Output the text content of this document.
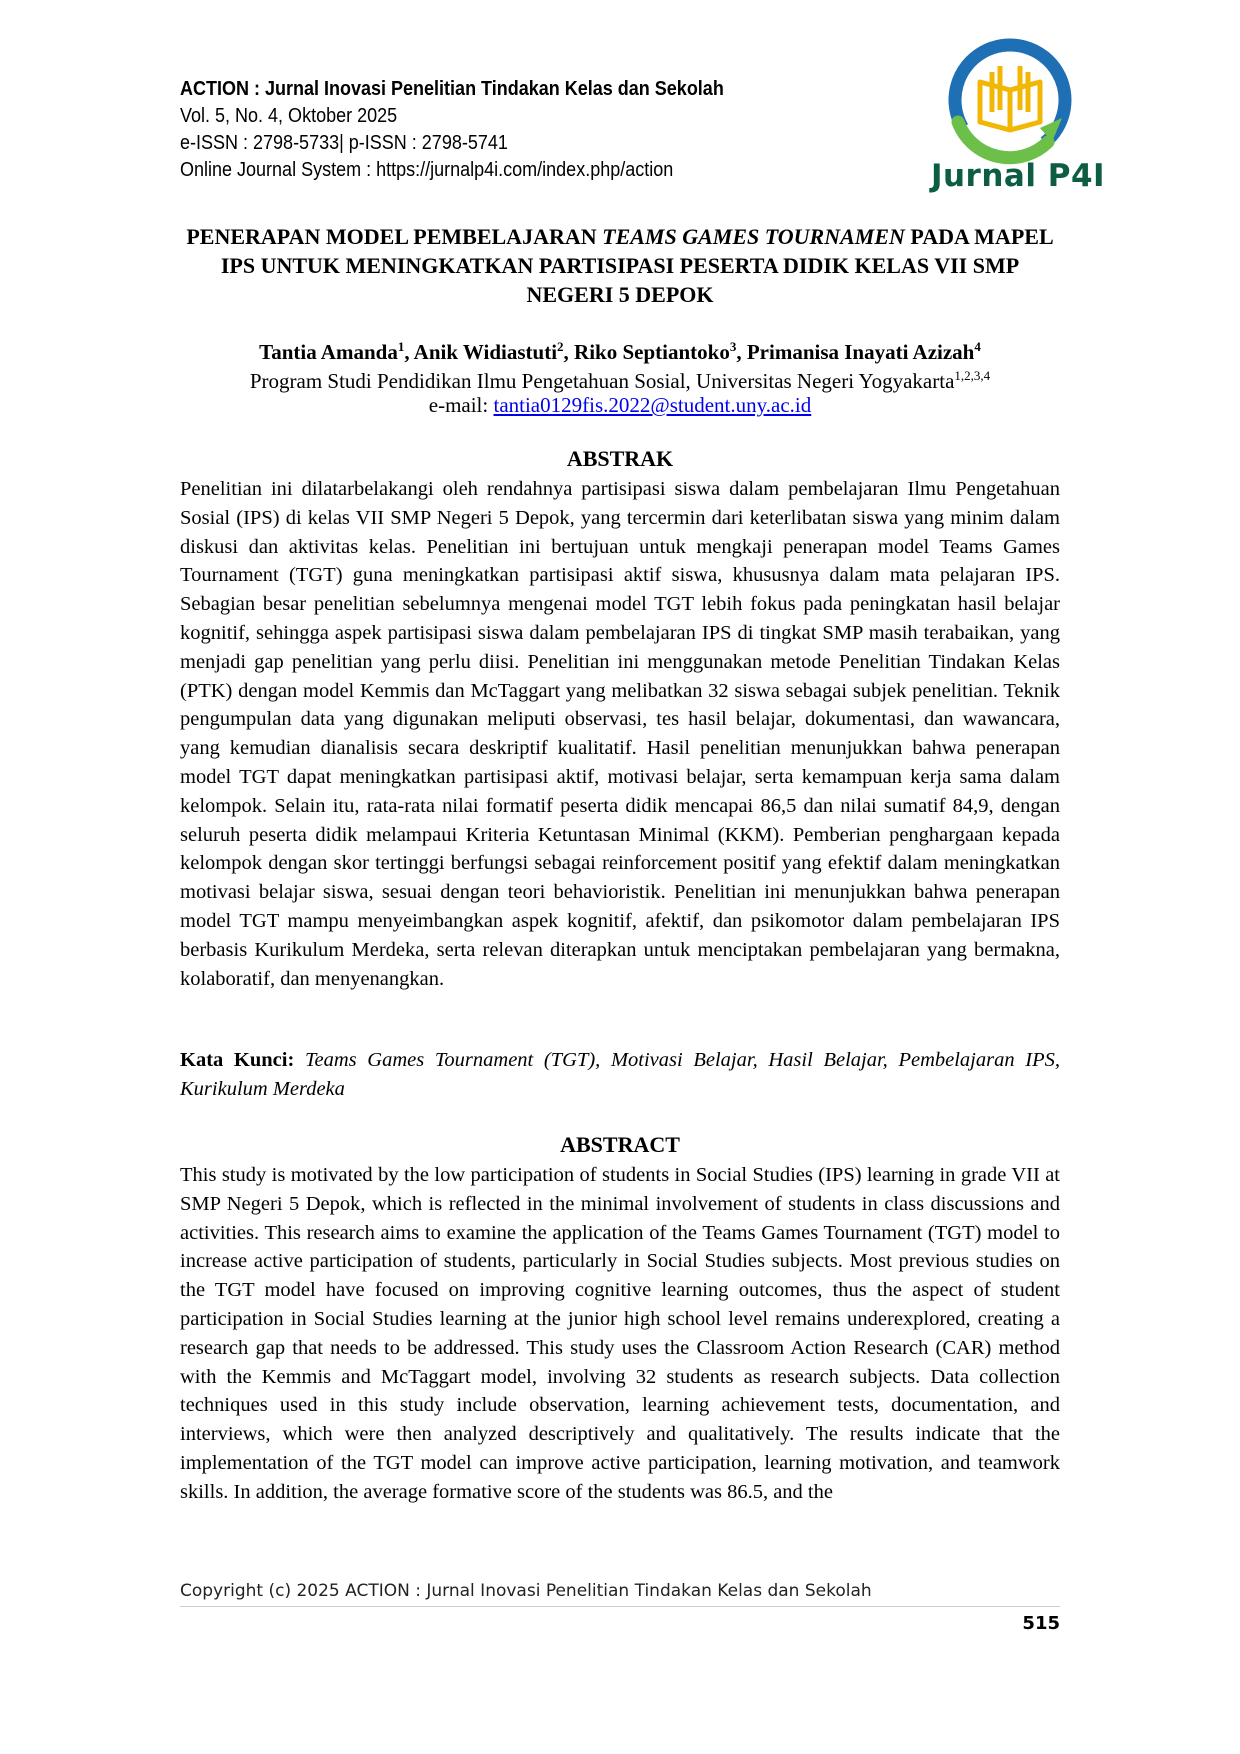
ACTION : Jurnal Inovasi Penelitian Tindakan Kelas dan Sekolah
Vol. 5, No. 4, Oktober 2025
e-ISSN : 2798-5733| p-ISSN : 2798-5741
Online Journal System : https://jurnalp4i.com/index.php/action	Jurnal P4I
PENERAPAN MODEL PEMBELAJARAN TEAMS GAMES TOURNAMEN PADA MAPEL IPS UNTUK MENINGKATKAN PARTISIPASI PESERTA DIDIK KELAS VII SMP NEGERI 5 DEPOK
Tantia Amanda$^1$, Anik Widiastuti$^2$, Riko Septiantoko$^3$, Primanisa Inayati Azizah$^4$
Program Studi Pendidikan Ilmu Pengetahuan Sosial, Universitas Negeri Yogyakarta$^{1,2,3,4}$
e-mail: tantia0129fis.2022@student.uny.ac.id
ABSTRAK
Penelitian ini dilatarbelakangi oleh rendahnya partisipasi siswa dalam pembelajaran Ilmu Pengetahuan Sosial (IPS) di kelas VII SMP Negeri 5 Depok, yang tercermin dari keterlibatan siswa yang minim dalam diskusi dan aktivitas kelas. Penelitian ini bertujuan untuk mengkaji penerapan model Teams Games Tournament (TGT) guna meningkatkan partisipasi aktif siswa, khususnya dalam mata pelajaran IPS. Sebagian besar penelitian sebelumnya mengenai model TGT lebih fokus pada peningkatan hasil belajar kognitif, sehingga aspek partisipasi siswa dalam pembelajaran IPS di tingkat SMP masih terabaikan, yang menjadi gap penelitian yang perlu diisi. Penelitian ini menggunakan metode Penelitian Tindakan Kelas (PTK) dengan model Kemmis dan McTaggart yang melibatkan 32 siswa sebagai subjek penelitian. Teknik pengumpulan data yang digunakan meliputi observasi, tes hasil belajar, dokumentasi, dan wawancara, yang kemudian dianalisis secara deskriptif kualitatif. Hasil penelitian menunjukkan bahwa penerapan model TGT dapat meningkatkan partisipasi aktif, motivasi belajar, serta kemampuan kerja sama dalam kelompok. Selain itu, rata-rata nilai formatif peserta didik mencapai 86,5 dan nilai sumatif 84,9, dengan seluruh peserta didik melampaui Kriteria Ketuntasan Minimal (KKM). Pemberian penghargaan kepada kelompok dengan skor tertinggi berfungsi sebagai reinforcement positif yang efektif dalam meningkatkan motivasi belajar siswa, sesuai dengan teori behavioristik. Penelitian ini menunjukkan bahwa penerapan model TGT mampu menyeimbangkan aspek kognitif, afektif, dan psikomotor dalam pembelajaran IPS berbasis Kurikulum Merdeka, serta relevan diterapkan untuk menciptakan pembelajaran yang bermakna, kolaboratif, dan menyenangkan.
Kata Kunci: Teams Games Tournament (TGT), Motivasi Belajar, Hasil Belajar, Pembelajaran IPS, Kurikulum Merdeka
ABSTRACT
This study is motivated by the low participation of students in Social Studies (IPS) learning in grade VII at SMP Negeri 5 Depok, which is reflected in the minimal involvement of students in class discussions and activities. This research aims to examine the application of the Teams Games Tournament (TGT) model to increase active participation of students, particularly in Social Studies subjects. Most previous studies on the TGT model have focused on improving cognitive learning outcomes, thus the aspect of student participation in Social Studies learning at the junior high school level remains underexplored, creating a research gap that needs to be addressed. This study uses the Classroom Action Research (CAR) method with the Kemmis and McTaggart model, involving 32 students as research subjects. Data collection techniques used in this study include observation, learning achievement tests, documentation, and interviews, which were then analyzed descriptively and qualitatively. The results indicate that the implementation of the TGT model can improve active participation, learning motivation, and teamwork skills. In addition, the average formative score of the students was 86.5, and the
Copyright (c) 2025 ACTION : Jurnal Inovasi Penelitian Tindakan Kelas dan Sekolah
515
